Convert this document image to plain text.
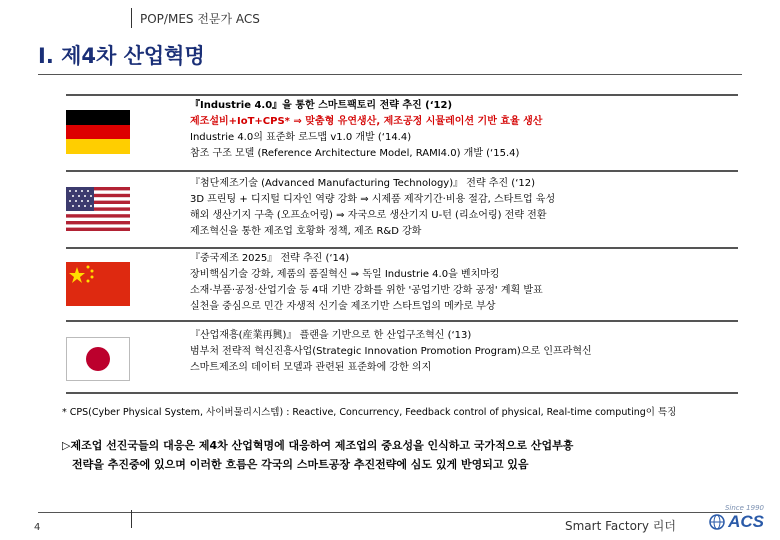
POP/MES 전문가 ACS
I. 제4차 산업혁명
『Industrie 4.0』을 통한 스마트팩토리 전략 추진 (‘12)
제조설비+IoT+CPS* ⇒ 맞춤형 유연생산, 제조공정 시뮬레이션 기반 효율 생산
Industrie 4.0의 표준화 로드맵 v1.0 개발 (‘14.4)
참조 구조 모델 (Reference Architecture Model, RAMI4.0) 개발 (‘15.4)
『첨단제조기술 (Advanced Manufacturing Technology)』 전략 추진 (‘12)
3D 프린팅 + 디지털 디자인 역량 강화 ⇒ 시제품 제작기간·비용 절감, 스타트업 육성
해외 생산기지 구축 (오프쇼어링) ⇒ 자국으로 생산기지 U-턴 (리쇼어링) 전략 전환
제조혁신을 통한 제조업 호황화 정책, 제조 R&D 강화
『중국제조 2025』 전략 추진 (‘14)
장비핵심기술 강화, 제품의 품질혁신 ⇒ 독일 Industrie 4.0을 벤치마킹
소재·부품·공정·산업기술 등 4대 기반 강화를 위한 '공업기반 강화 공정' 계획 발표
실천을 중심으로 민간 자생적 신기술 제조기반 스타트업의 메카로 부상
『산업재흥(産業再興)』 플랜을 기반으로 한 산업구조혁신 (‘13)
범부처 전략적 혁신진흥사업(Strategic Innovation Promotion Program)으로 인프라혁신
스마트제조의 데이터 모델과 관련된 표준화에 강한 의지
* CPS(Cyber Physical System, 사이버물리시스템) : Reactive, Concurrency, Feedback control of physical, Real-time computing이 특징
▷제조업 선진국들의 대응은 제4차 산업혁명에 대응하여 제조업의 중요성을 인식하고 국가적으로 산업부흥
전략을 추진중에 있으며 이러한 흐름은 각국의 스마트공장 추진전략에 심도 있게 반영되고 있음
4	Smart Factory 리더
Since 1990
ACS
